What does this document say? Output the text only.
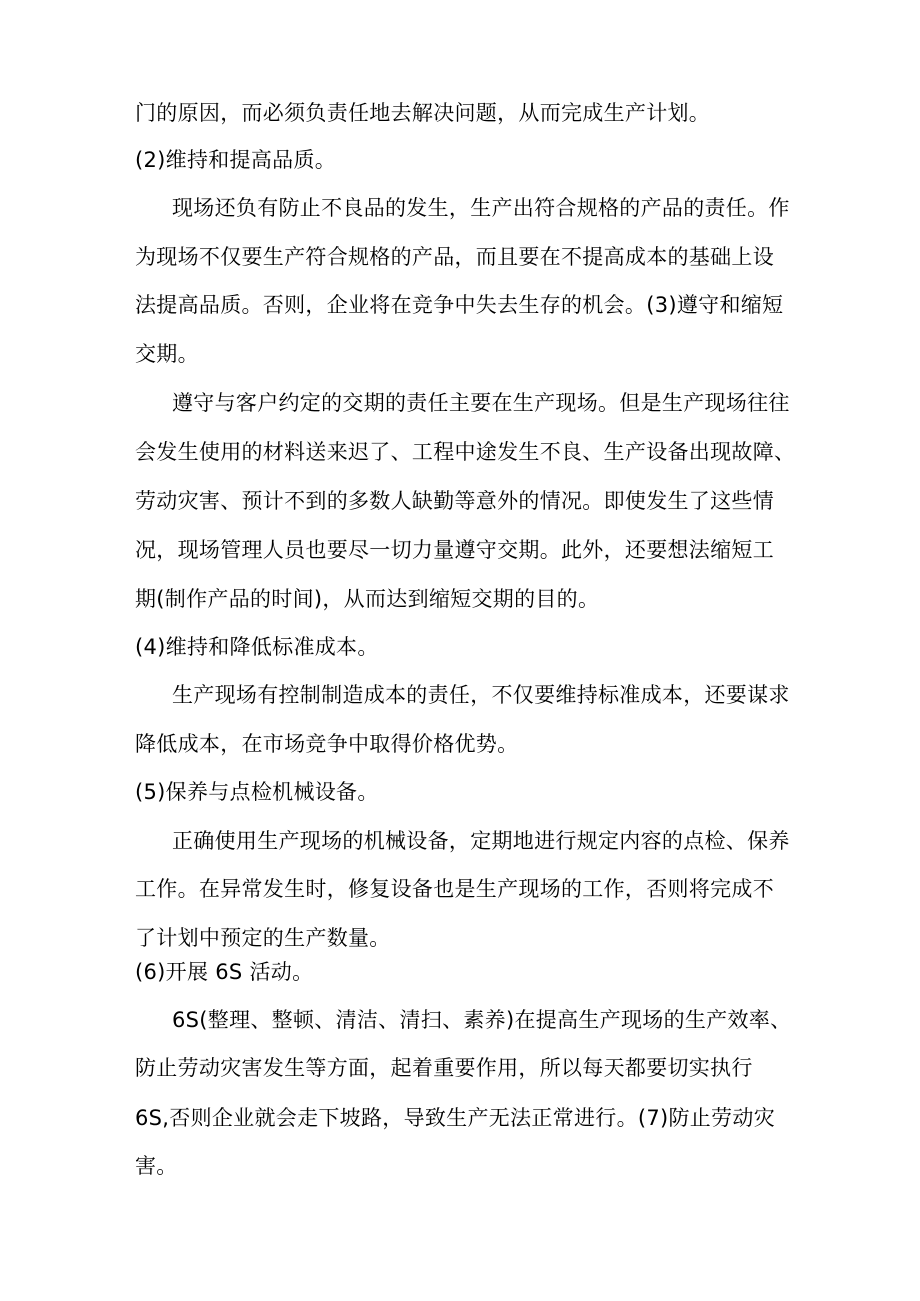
门的原因，而必须负责任地去解决问题，从而完成生产计划。
(2)维持和提高品质。
现场还负有防止不良品的发生，生产出符合规格的产品的责任。作
为现场不仅要生产符合规格的产品，而且要在不提高成本的基础上设
法提高品质。否则，企业将在竞争中失去生存的机会。(3)遵守和缩短
交期。
遵守与客户约定的交期的责任主要在生产现场。但是生产现场往往
会发生使用的材料送来迟了、工程中途发生不良、生产设备出现故障、
劳动灾害、预计不到的多数人缺勤等意外的情况。即使发生了这些情
况，现场管理人员也要尽一切力量遵守交期。此外，还要想法缩短工
期(制作产品的时间)，从而达到缩短交期的目的。
(4)维持和降低标准成本。
生产现场有控制制造成本的责任，不仅要维持标准成本，还要谋求
降低成本，在市场竞争中取得价格优势。
(5)保养与点检机械设备。
正确使用生产现场的机械设备，定期地进行规定内容的点检、保养
工作。在异常发生时，修复设备也是生产现场的工作，否则将完成不
了计划中预定的生产数量。
(6)开展 6S 活动。
6S(整理、整顿、清洁、清扫、素养)在提高生产现场的生产效率、
防止劳动灾害发生等方面，起着重要作用，所以每天都要切实执行
6S,否则企业就会走下坡路，导致生产无法正常进行。(7)防止劳动灾
害。
